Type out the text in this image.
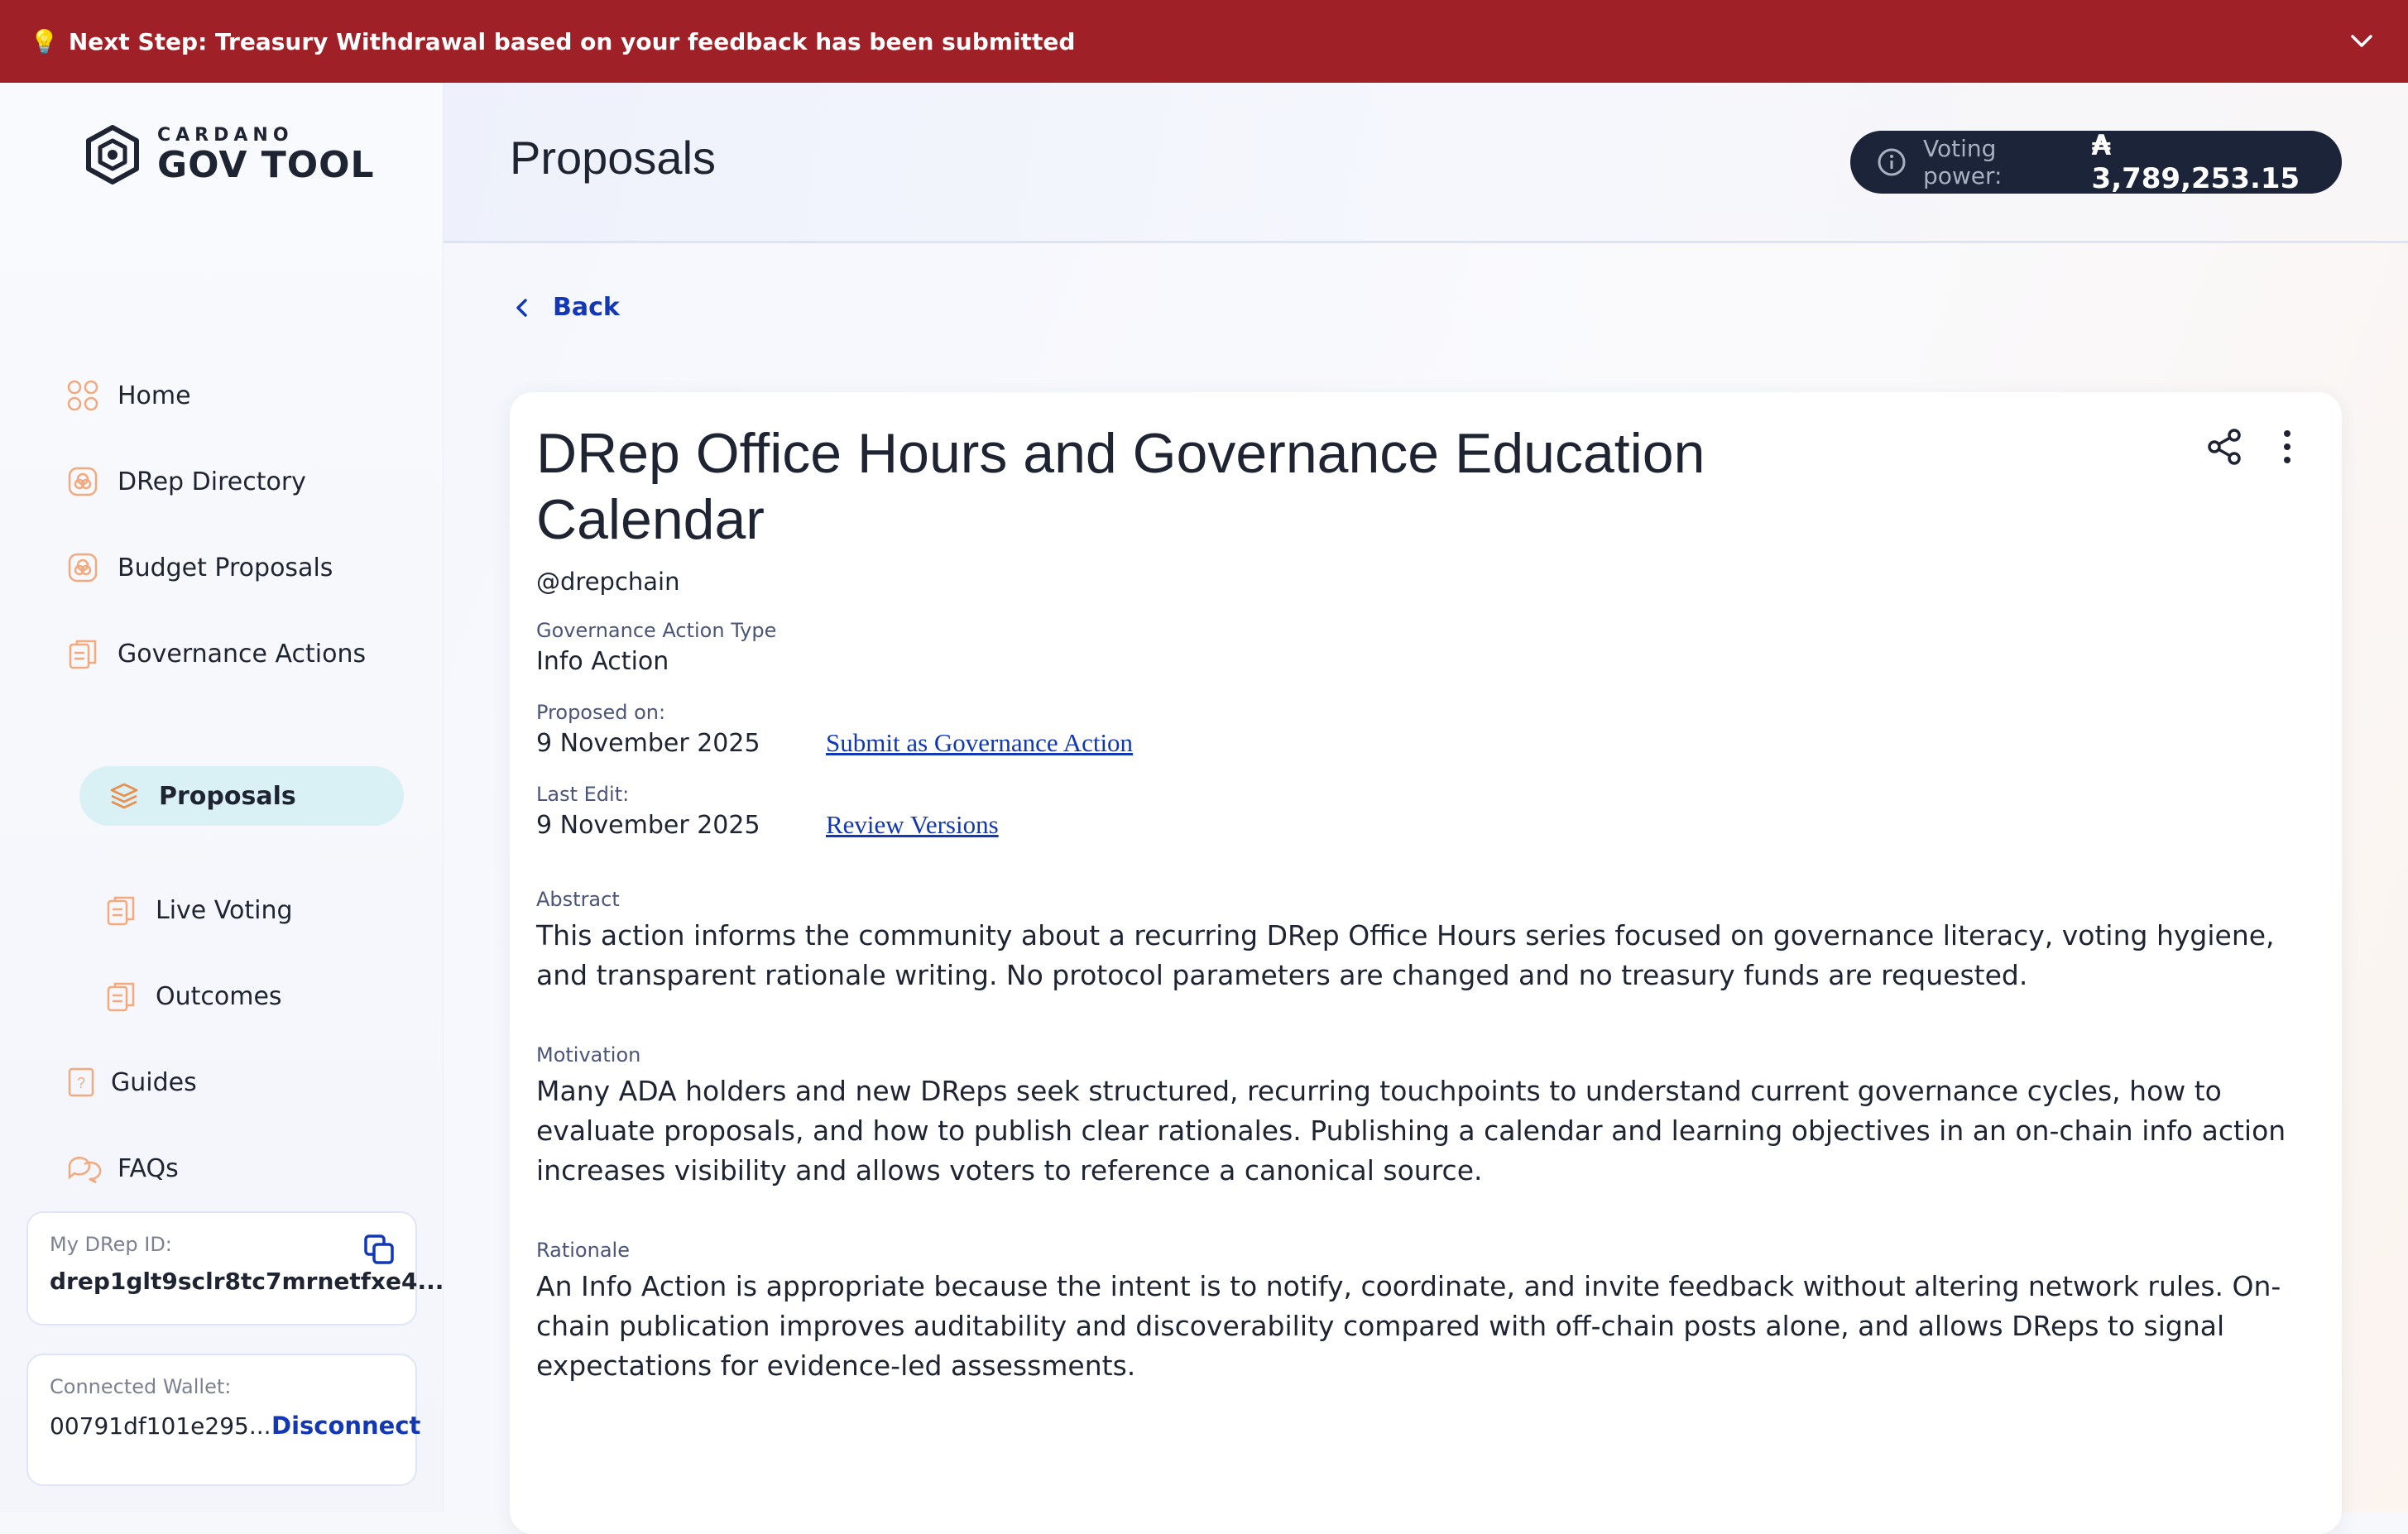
💡 Next Step: Treasury Withdrawal based on your feedback has been submitted
CARDANO
GOV TOOL
Home
DRep Directory
Budget Proposals
Governance Actions
Proposals
Live Voting
Outcomes
? Guides
FAQs
My DRep ID:
drep1glt9sclr8tc7mrnetfxe4...
Connected Wallet:
00791df101e295... Disconnect
Proposals	Voting power:
₳ 3,789,253.15
Back
DRep Office Hours and Governance Education Calendar
@drepchain
Governance Action Type
Info Action
Proposed on:
9 November 2025	Submit as Governance Action
Last Edit:
9 November 2025	Review Versions
Abstract
This action informs the community about a recurring DRep Office Hours series focused on governance literacy, voting hygiene, and transparent rationale writing. No protocol parameters are changed and no treasury funds are requested.
Motivation
Many ADA holders and new DReps seek structured, recurring touchpoints to understand current governance cycles, how to evaluate proposals, and how to publish clear rationales. Publishing a calendar and learning objectives in an on-chain info action increases visibility and allows voters to reference a canonical source.
Rationale
An Info Action is appropriate because the intent is to notify, coordinate, and invite feedback without altering network rules. On-chain publication improves auditability and discoverability compared with off-chain posts alone, and allows DReps to signal expectations for evidence-led assessments.
